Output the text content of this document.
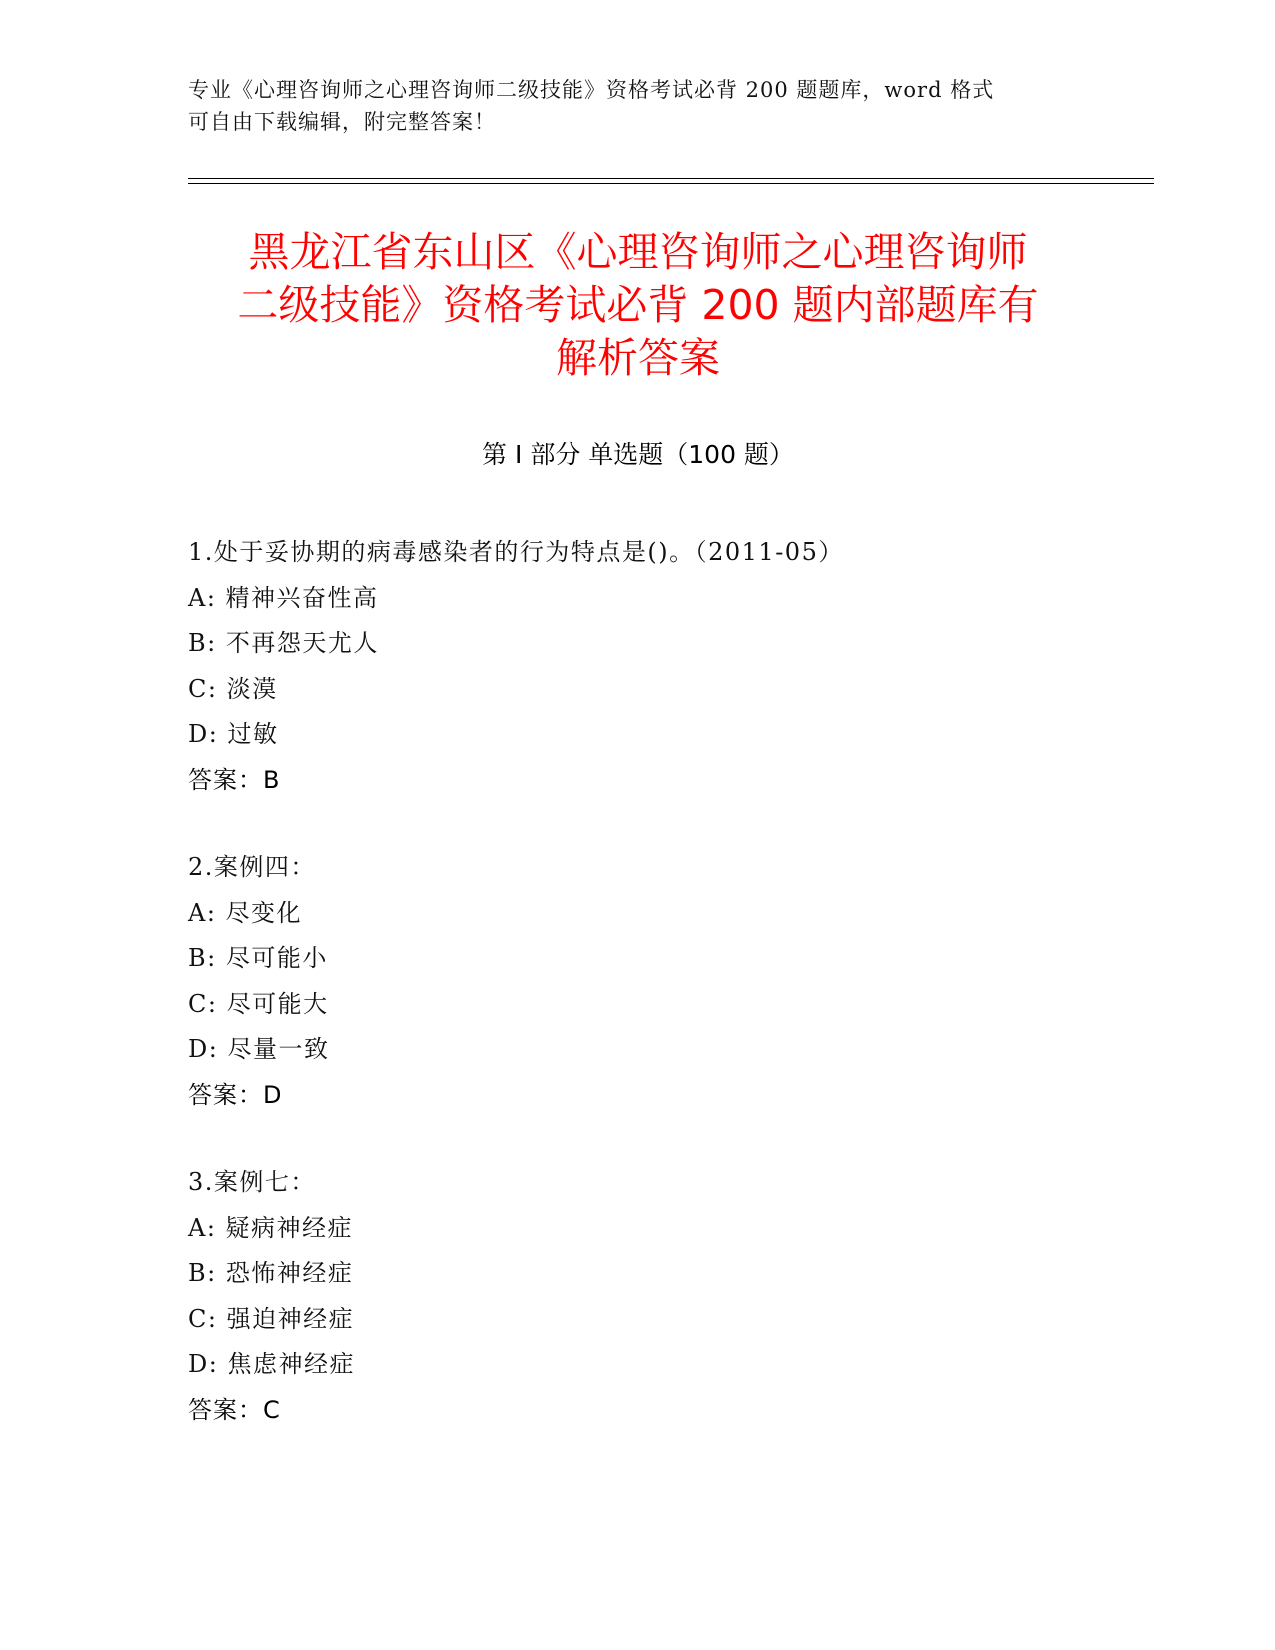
专业《心理咨询师之心理咨询师二级技能》资格考试必背 200 题题库，word 格式
可自由下载编辑，附完整答案！
黑龙江省东山区《心理咨询师之心理咨询师
二级技能》资格考试必背 200 题内部题库有
解析答案
第 I 部分 单选题（100 题）
1.处于妥协期的病毒感染者的行为特点是()。（2011-05）
A: 精神兴奋性高
B: 不再怨天尤人
C: 淡漠
D: 过敏
答案：B
2.案例四：
A: 尽变化
B: 尽可能小
C: 尽可能大
D: 尽量一致
答案：D
3.案例七：
A: 疑病神经症
B: 恐怖神经症
C: 强迫神经症
D: 焦虑神经症
答案：C
